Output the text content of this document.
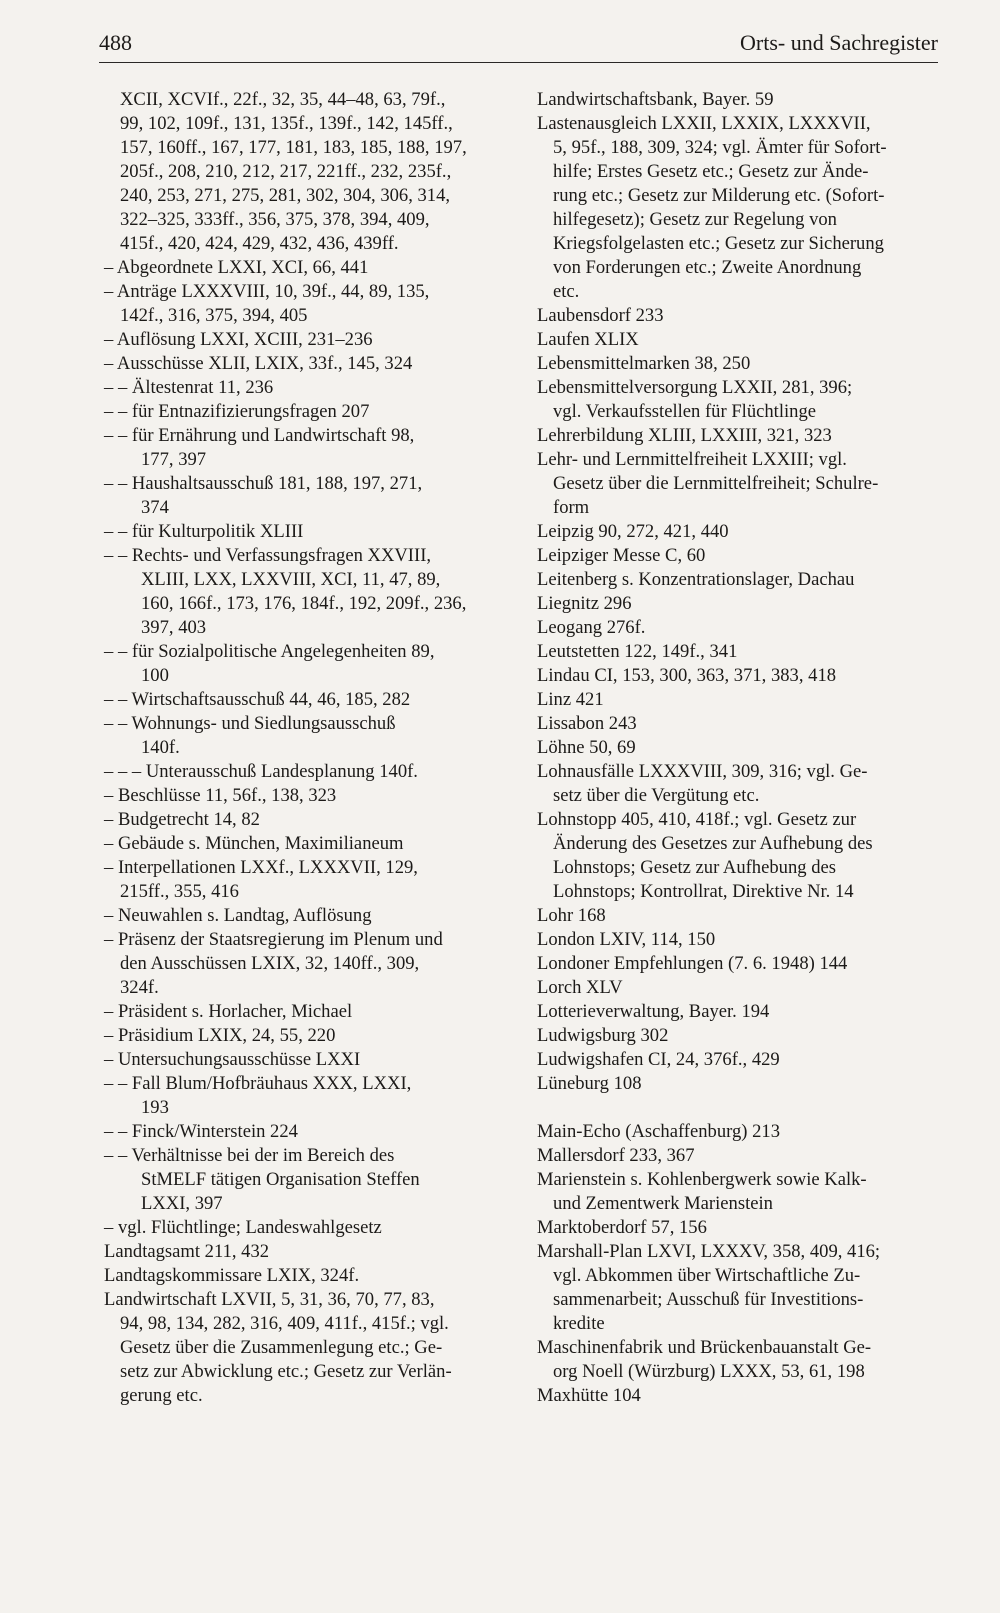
488	Orts- und Sachregister
XCII, XCVIf., 22f., 32, 35, 44–48, 63, 79f.,
99, 102, 109f., 131, 135f., 139f., 142, 145ff.,
157, 160ff., 167, 177, 181, 183, 185, 188, 197,
205f., 208, 210, 212, 217, 221ff., 232, 235f.,
240, 253, 271, 275, 281, 302, 304, 306, 314,
322–325, 333ff., 356, 375, 378, 394, 409,
415f., 420, 424, 429, 432, 436, 439ff.
– Abgeordnete LXXI, XCI, 66, 441
– Anträge LXXXVIII, 10, 39f., 44, 89, 135,
142f., 316, 375, 394, 405
– Auflösung LXXI, XCIII, 231–236
– Ausschüsse XLII, LXIX, 33f., 145, 324
– – Ältestenrat 11, 236
– – für Entnazifizierungsfragen 207
– – für Ernährung und Landwirtschaft 98,
177, 397
– – Haushaltsausschuß 181, 188, 197, 271,
374
– – für Kulturpolitik XLIII
– – Rechts- und Verfassungsfragen XXVIII,
XLIII, LXX, LXXVIII, XCI, 11, 47, 89,
160, 166f., 173, 176, 184f., 192, 209f., 236,
397, 403
– – für Sozialpolitische Angelegenheiten 89,
100
– – Wirtschaftsausschuß 44, 46, 185, 282
– – Wohnungs- und Siedlungsausschuß
140f.
– – – Unterausschuß Landesplanung 140f.
– Beschlüsse 11, 56f., 138, 323
– Budgetrecht 14, 82
– Gebäude s. München, Maximilianeum
– Interpellationen LXXf., LXXXVII, 129,
215ff., 355, 416
– Neuwahlen s. Landtag, Auflösung
– Präsenz der Staatsregierung im Plenum und
den Ausschüssen LXIX, 32, 140ff., 309,
324f.
– Präsident s. Horlacher, Michael
– Präsidium LXIX, 24, 55, 220
– Untersuchungsausschüsse LXXI
– – Fall Blum/Hofbräuhaus XXX, LXXI,
193
– – Finck/Winterstein 224
– – Verhältnisse bei der im Bereich des
StMELF tätigen Organisation Steffen
LXXI, 397
– vgl. Flüchtlinge; Landeswahlgesetz
Landtagsamt 211, 432
Landtagskommissare LXIX, 324f.
Landwirtschaft LXVII, 5, 31, 36, 70, 77, 83,
94, 98, 134, 282, 316, 409, 411f., 415f.; vgl.
Gesetz über die Zusammenlegung etc.; Ge-
setz zur Abwicklung etc.; Gesetz zur Verlän-
gerung etc.
Landwirtschaftsbank, Bayer. 59
Lastenausgleich LXXII, LXXIX, LXXXVII,
5, 95f., 188, 309, 324; vgl. Ämter für Sofort-
hilfe; Erstes Gesetz etc.; Gesetz zur Ände-
rung etc.; Gesetz zur Milderung etc. (Sofort-
hilfegesetz); Gesetz zur Regelung von
Kriegsfolgelasten etc.; Gesetz zur Sicherung
von Forderungen etc.; Zweite Anordnung
etc.
Laubensdorf 233
Laufen XLIX
Lebensmittelmarken 38, 250
Lebensmittelversorgung LXXII, 281, 396;
vgl. Verkaufsstellen für Flüchtlinge
Lehrerbildung XLIII, LXXIII, 321, 323
Lehr- und Lernmittelfreiheit LXXIII; vgl.
Gesetz über die Lernmittelfreiheit; Schulre-
form
Leipzig 90, 272, 421, 440
Leipziger Messe C, 60
Leitenberg s. Konzentrationslager, Dachau
Liegnitz 296
Leogang 276f.
Leutstetten 122, 149f., 341
Lindau CI, 153, 300, 363, 371, 383, 418
Linz 421
Lissabon 243
Löhne 50, 69
Lohnausfälle LXXXVIII, 309, 316; vgl. Ge-
setz über die Vergütung etc.
Lohnstopp 405, 410, 418f.; vgl. Gesetz zur
Änderung des Gesetzes zur Aufhebung des
Lohnstops; Gesetz zur Aufhebung des
Lohnstops; Kontrollrat, Direktive Nr. 14
Lohr 168
London LXIV, 114, 150
Londoner Empfehlungen (7. 6. 1948) 144
Lorch XLV
Lotterieverwaltung, Bayer. 194
Ludwigsburg 302
Ludwigshafen CI, 24, 376f., 429
Lüneburg 108
Main-Echo (Aschaffenburg) 213
Mallersdorf 233, 367
Marienstein s. Kohlenbergwerk sowie Kalk-
und Zementwerk Marienstein
Marktoberdorf 57, 156
Marshall-Plan LXVI, LXXXV, 358, 409, 416;
vgl. Abkommen über Wirtschaftliche Zu-
sammenarbeit; Ausschuß für Investitions-
kredite
Maschinenfabrik und Brückenbauanstalt Ge-
org Noell (Würzburg) LXXX, 53, 61, 198
Maxhütte 104
